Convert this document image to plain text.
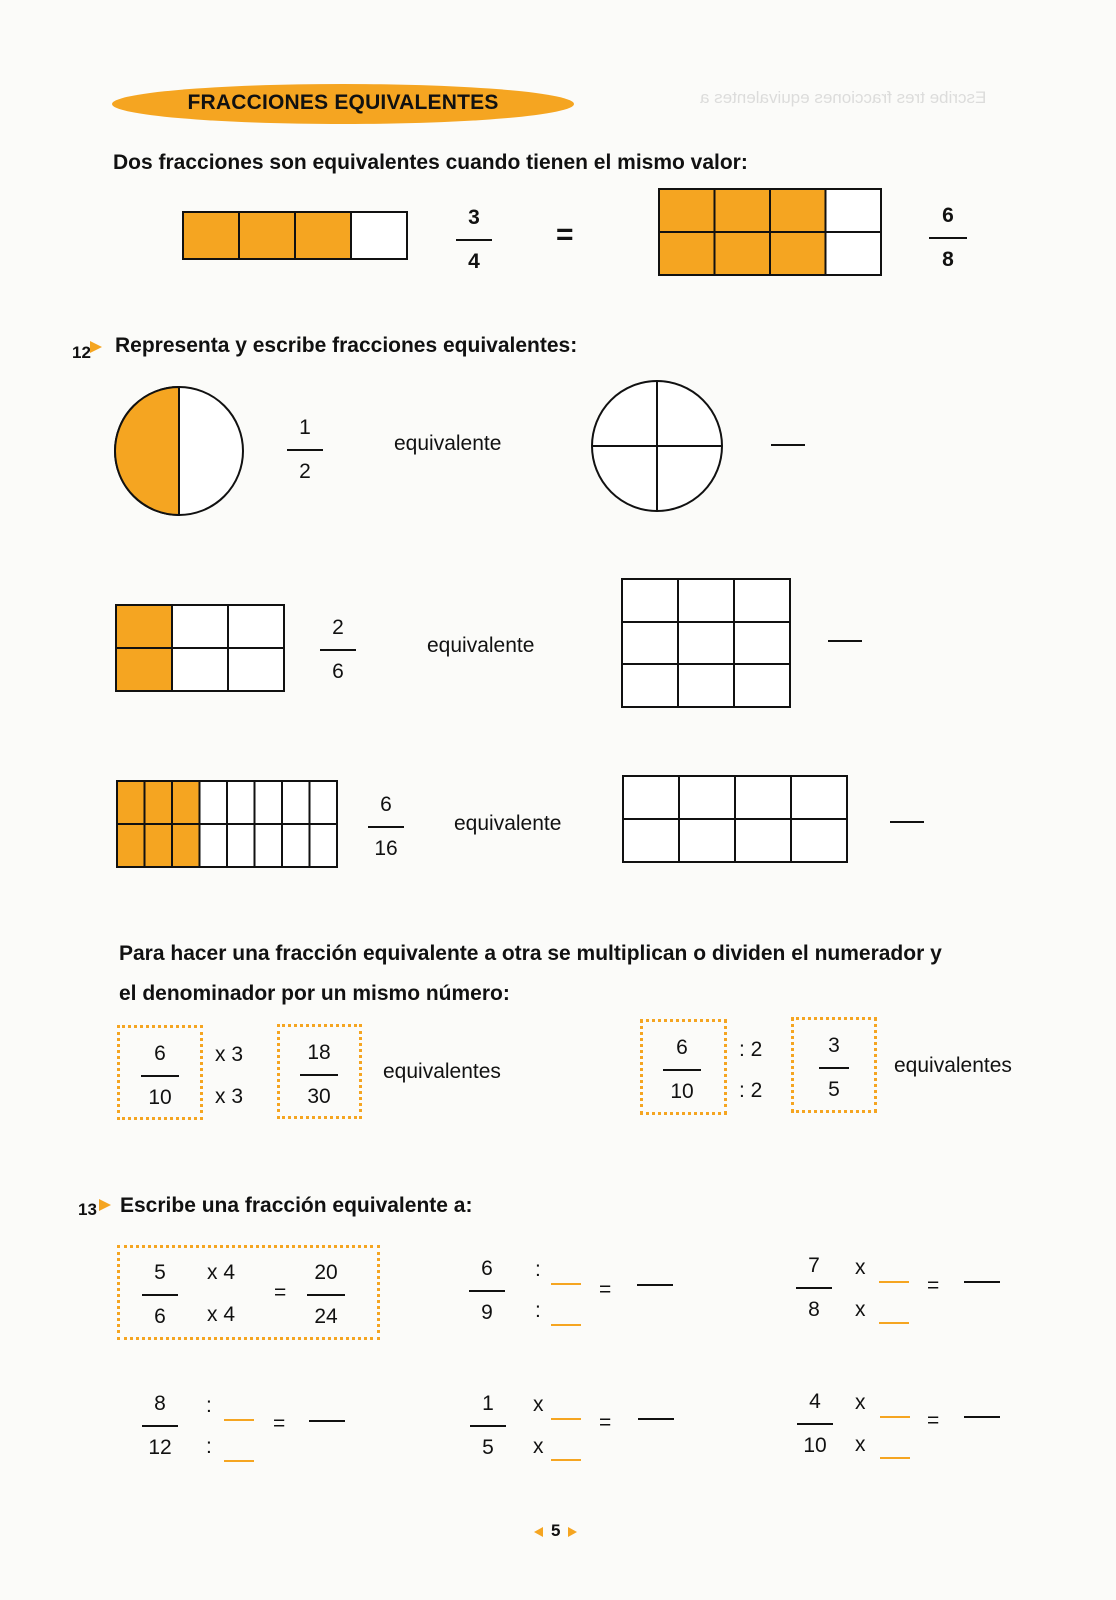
Escribe tres fracciones equivalentes a
FRACCIONES EQUIVALENTES
Dos fracciones son equivalentes cuando tienen el mismo valor:
3
4
=
6
8
12 Representa y escribe fracciones equivalentes:
1
2
equivalente
2
6
equivalente
6
16
equivalente
Para hacer una fracción equivalente a otra se multiplican o dividen el numerador y
el denominador por un mismo número:
6
10
x 3
x 3
18
30
equivalentes
6
10
: 2
: 2
3
5
equivalentes
13 Escribe una fracción equivalente a:
5
6
x 4
x 4
=
20
24
6
9
:
:
=
7
8
x
x
=
8
12
:
:
=
1
5
x
x
=
4
10
x
x
=
5
